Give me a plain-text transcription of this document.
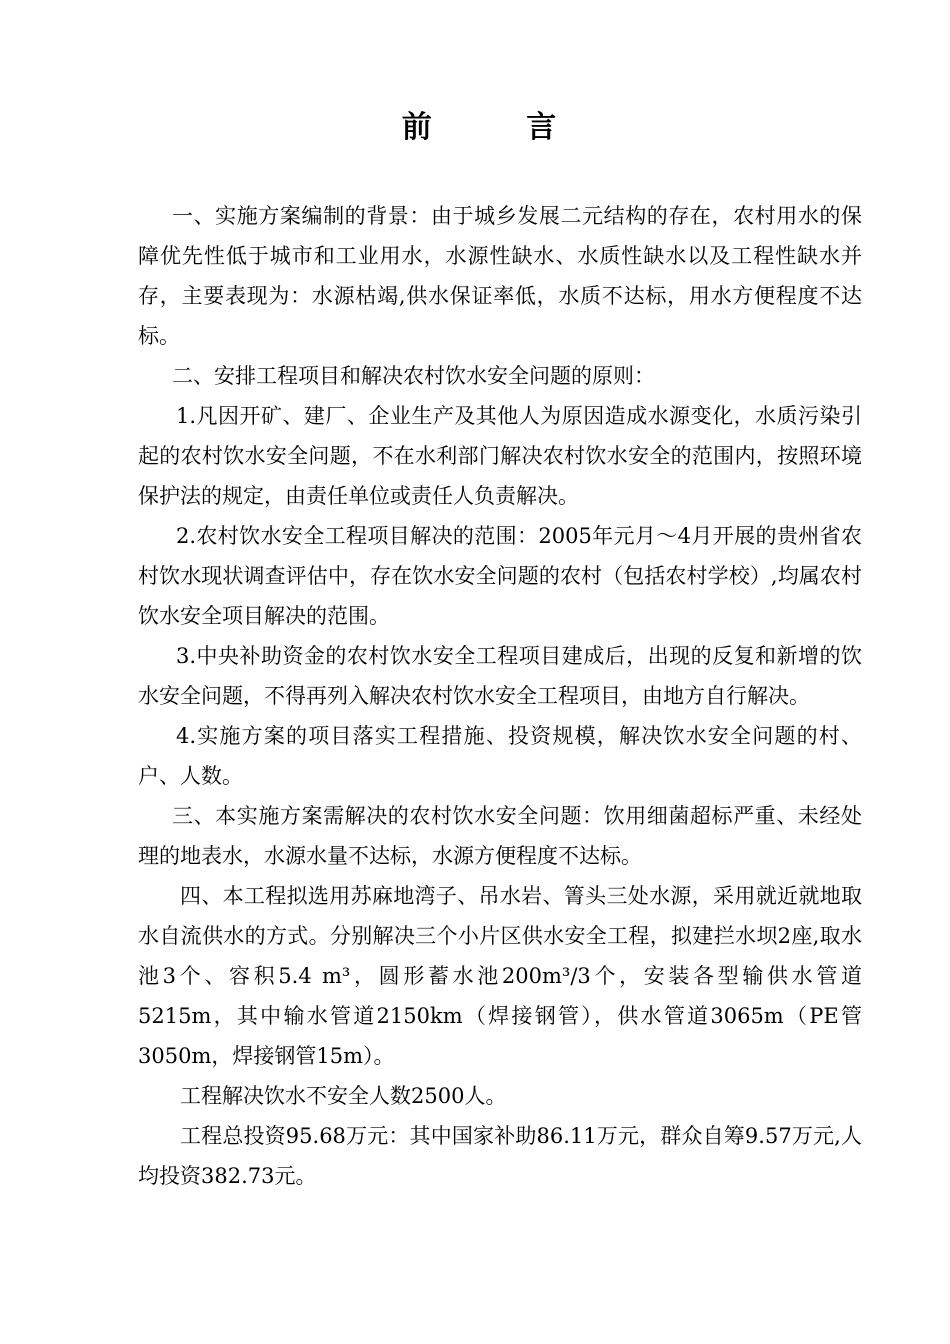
前 言

一、实施方案编制的背景：由于城乡发展二元结构的存在，农村用水的保障优先性低于城市和工业用水，水源性缺水、水质性缺水以及工程性缺水并存，主要表现为：水源枯竭,供水保证率低，水质不达标，用水方便程度不达标。

二、安排工程项目和解决农村饮水安全问题的原则：

1.凡因开矿、建厂、企业生产及其他人为原因造成水源变化，水质污染引起的农村饮水安全问题，不在水利部门解决农村饮水安全的范围内，按照环境保护法的规定，由责任单位或责任人负责解决。

2.农村饮水安全工程项目解决的范围：2005年元月～4月开展的贵州省农村饮水现状调查评估中，存在饮水安全问题的农村（包括农村学校）,均属农村饮水安全项目解决的范围。

3.中央补助资金的农村饮水安全工程项目建成后，出现的反复和新增的饮水安全问题，不得再列入解决农村饮水安全工程项目，由地方自行解决。

4.实施方案的项目落实工程措施、投资规模，解决饮水安全问题的村、户、人数。

三、本实施方案需解决的农村饮水安全问题：饮用细菌超标严重、未经处理的地表水，水源水量不达标，水源方便程度不达标。

四、本工程拟选用苏麻地湾子、吊水岩、箐头三处水源，采用就近就地取水自流供水的方式。分别解决三个小片区供水安全工程，拟建拦水坝2座,取水池3个、容积5.4 m³，圆形蓄水池200m³/3个，安装各型输供水管道5215m，其中输水管道2150km（焊接钢管），供水管道3065m（PE管3050m，焊接钢管15m）。

工程解决饮水不安全人数2500人。

工程总投资95.68万元：其中国家补助86.11万元，群众自筹9.57万元,人均投资382.73元。
